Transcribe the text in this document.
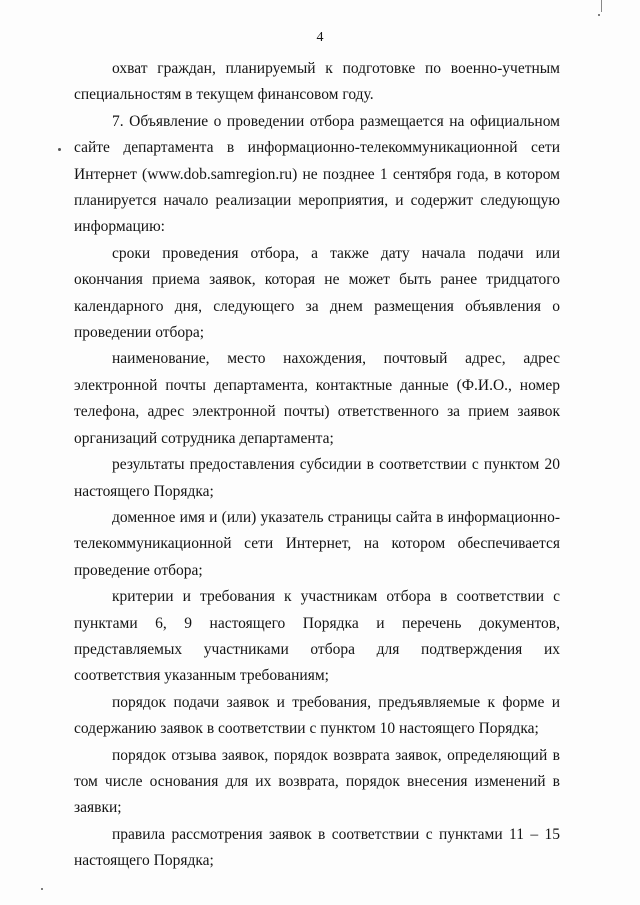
4

охват граждан, планируемый к подготовке по военно-учетным специальностям в текущем финансовом году.

7. Объявление о проведении отбора размещается на официальном сайте департамента в информационно-телекоммуникационной сети Интернет (www.dob.samregion.ru) не позднее 1 сентября года, в котором планируется начало реализации мероприятия, и содержит следующую информацию:

сроки проведения отбора, а также дату начала подачи или окончания приема заявок, которая не может быть ранее тридцатого календарного дня, следующего за днем размещения объявления о проведении отбора;

наименование, место нахождения, почтовый адрес, адрес электронной почты департамента, контактные данные (Ф.И.О., номер телефона, адрес электронной почты) ответственного за прием заявок организаций сотрудника департамента;

результаты предоставления субсидии в соответствии с пунктом 20 настоящего Порядка;

доменное имя и (или) указатель страницы сайта в информационно-телекоммуникационной сети Интернет, на котором обеспечивается проведение отбора;

критерии и требования к участникам отбора в соответствии с пунктами 6, 9 настоящего Порядка и перечень документов, представляемых участниками отбора для подтверждения их соответствия указанным требованиям;

порядок подачи заявок и требования, предъявляемые к форме и содержанию заявок в соответствии с пунктом 10 настоящего Порядка;

порядок отзыва заявок, порядок возврата заявок, определяющий в том числе основания для их возврата, порядок внесения изменений в заявки;

правила рассмотрения заявок в соответствии с пунктами 11 – 15 настоящего Порядка;
